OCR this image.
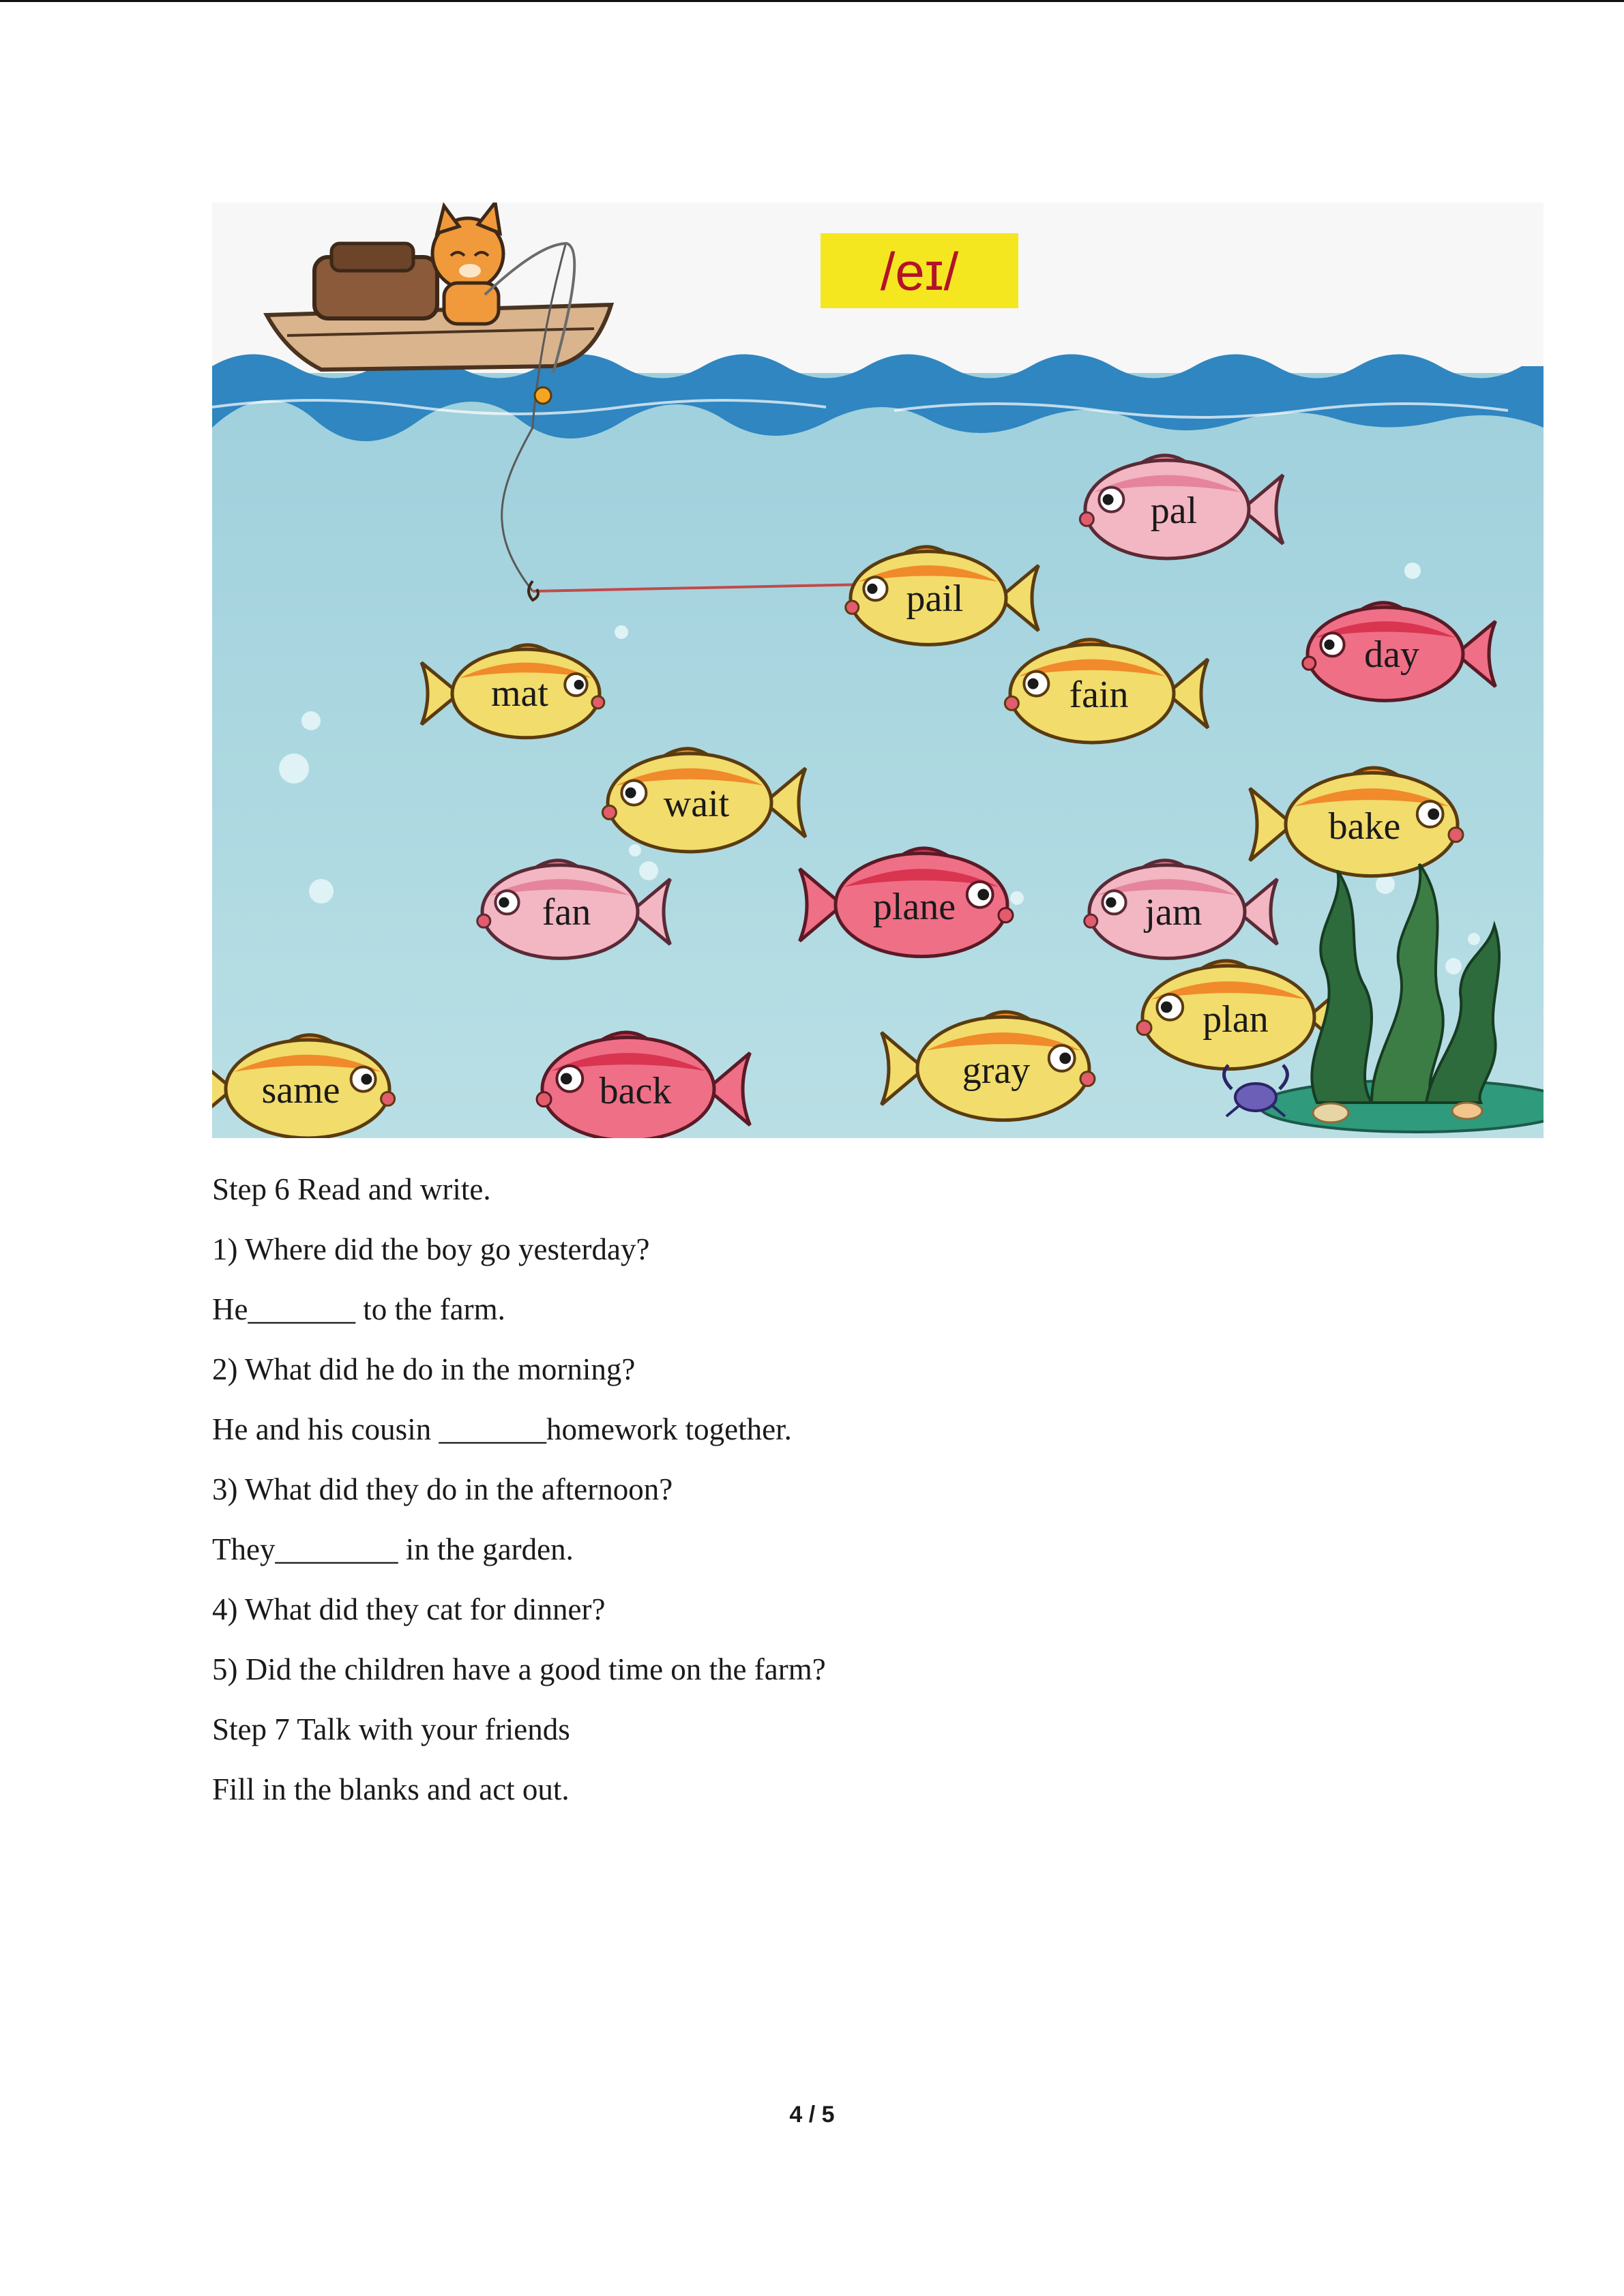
/eɪ/
pal
pail
day
mat	fain
wait
bake
fan	plane	jam
plan
same	back	gray
Step 6 Read and write.
1) Where did the boy go yesterday?
He_______ to the farm.
2) What did he do in the morning?
He and his cousin _______homework together.
3) What did they do in the afternoon?
They________ in the garden.
4) What did they cat for dinner?
5) Did the children have a good time on the farm?
Step 7 Talk with your friends
Fill in the blanks and act out.
4 / 5
